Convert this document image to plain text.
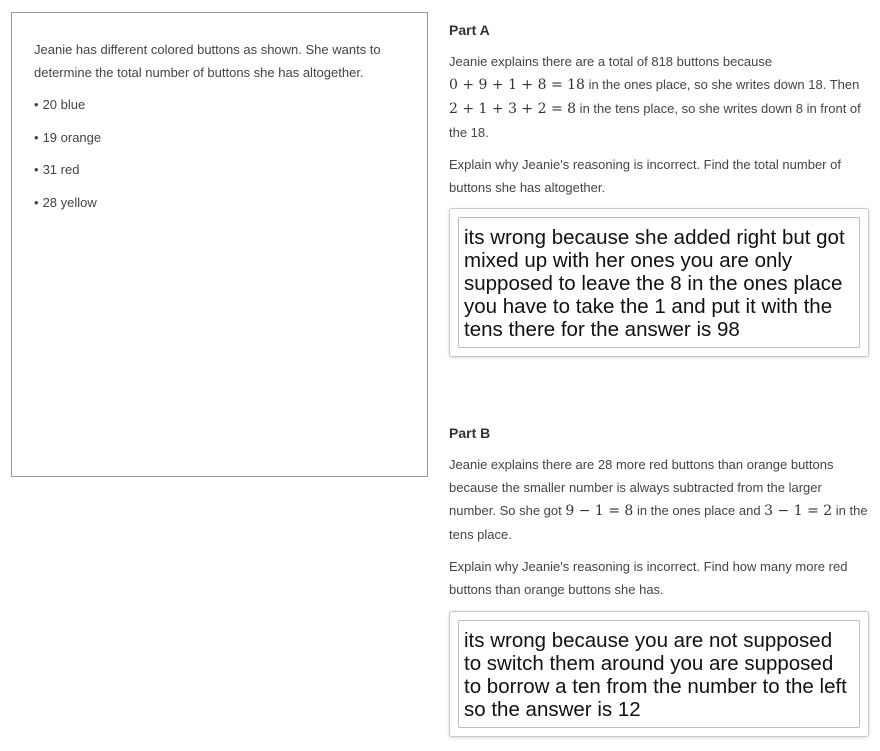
Jeanie has different colored buttons as shown. She wants to determine the total number of buttons she has altogether.

• 20 blue
• 19 orange
• 31 red
• 28 yellow
Part A

Jeanie explains there are a total of 818 buttons because
0 + 9 + 1 + 8 = 18 in the ones place, so she writes down 18. Then 2 + 1 + 3 + 2 = 8 in the tens place, so she writes down 8 in front of the 18.

Explain why Jeanie's reasoning is incorrect. Find the total number of buttons she has altogether.

its wrong because she added right but got mixed up with her ones you are only supposed to leave the 8 in the ones place you have to take the 1 and put it with the tens there for the answer is 98
Part B

Jeanie explains there are 28 more red buttons than orange buttons because the smaller number is always subtracted from the larger number. So she got 9 − 1 = 8 in the ones place and 3 − 1 = 2 in the tens place.

Explain why Jeanie's reasoning is incorrect. Find how many more red buttons than orange buttons she has.

its wrong because you are not supposed to switch them around you are supposed to borrow a ten from the number to the left so the answer is 12
